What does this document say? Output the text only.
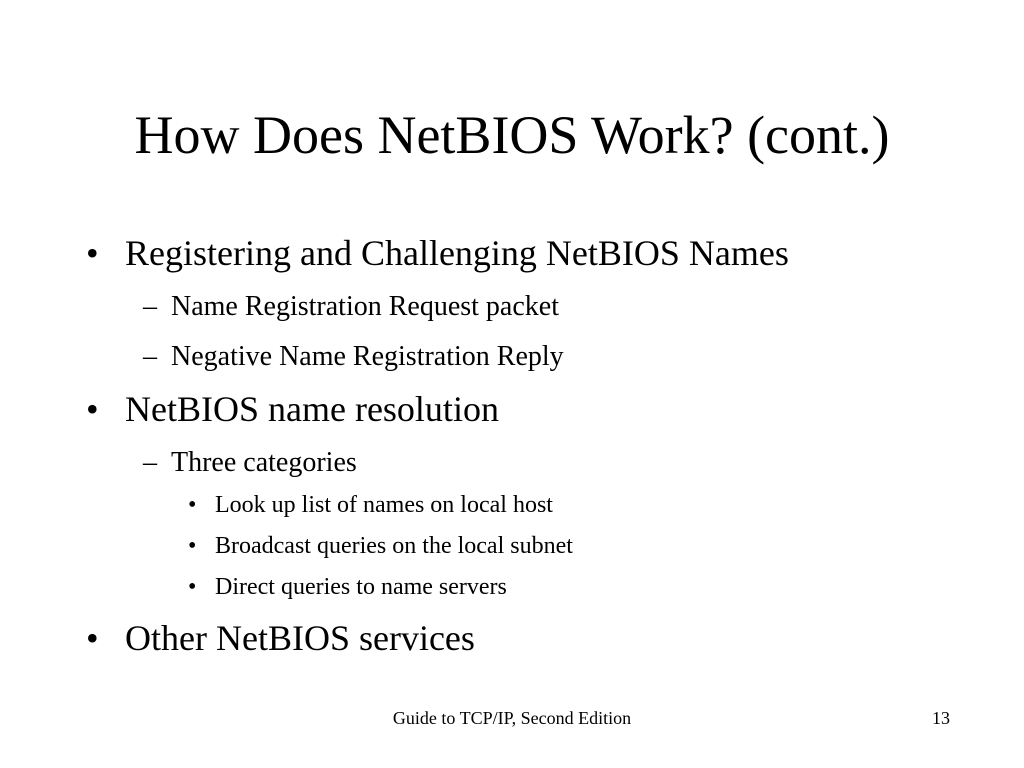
How Does NetBIOS Work? (cont.)
• Registering and Challenging NetBIOS Names
– Name Registration Request packet
– Negative Name Registration Reply
• NetBIOS name resolution
– Three categories
• Look up list of names on local host
• Broadcast queries on the local subnet
• Direct queries to name servers
• Other NetBIOS services
Guide to TCP/IP, Second Edition	13
